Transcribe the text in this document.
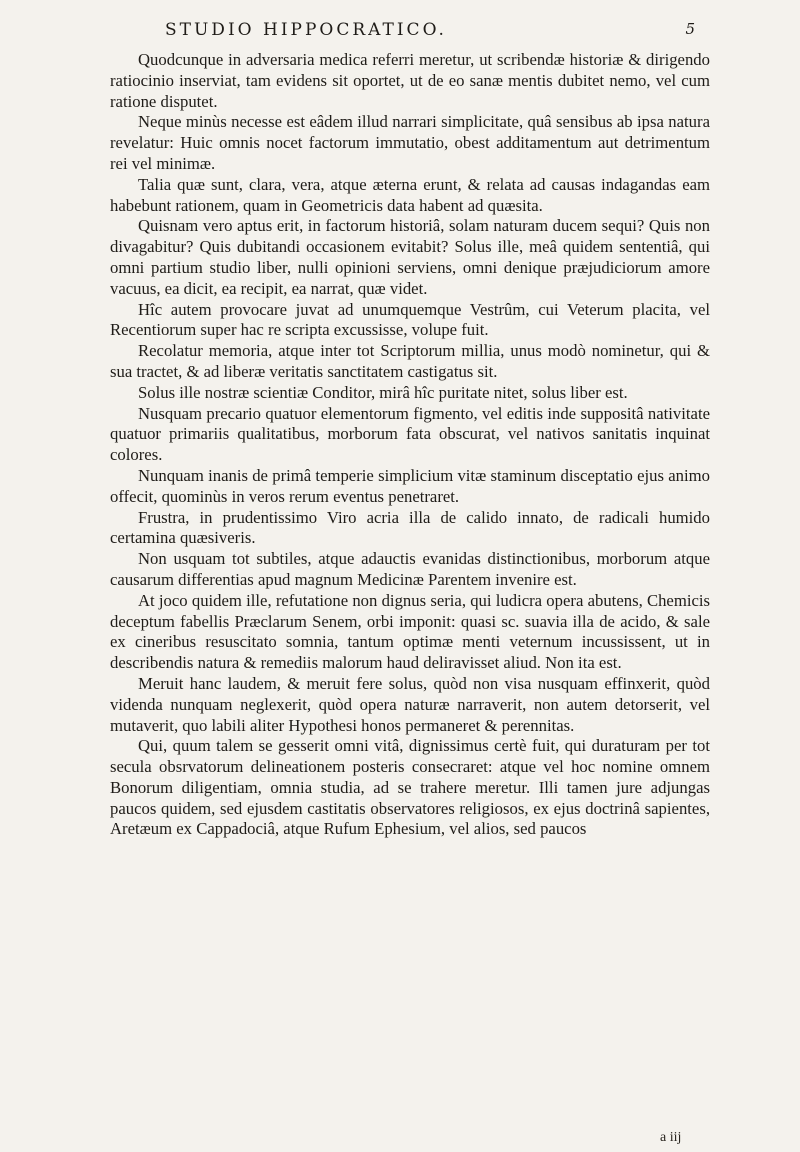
STUDIO HIPPOCRATICO.	5

Quodcunque in adversaria medica referri meretur, ut scribendæ historiæ & dirigendo ratiocinio inserviat, tam evidens sit oportet, ut de eo sanæ mentis dubitet nemo, vel cum ratione disputet.

Neque minùs necesse est eâdem illud narrari simplicitate, quâ sensibus ab ipsa natura revelatur: Huic omnis nocet factorum immutatio, obest additamentum aut detrimentum rei vel minimæ.

Talia quæ sunt, clara, vera, atque æterna erunt, & relata ad causas indagandas eam habebunt rationem, quam in Geometricis data habent ad quæsita.

Quisnam vero aptus erit, in factorum historiâ, solam naturam ducem sequi? Quis non divagabitur? Quis dubitandi occasionem evitabit? Solus ille, meâ quidem sententiâ, qui omni partium studio liber, nulli opinioni serviens, omni denique præjudiciorum amore vacuus, ea dicit, ea recipit, ea narrat, quæ videt.

Hîc autem provocare juvat ad unumquemque Vestrûm, cui Veterum placita, vel Recentiorum super hac re scripta excussisse, volupe fuit.

Recolatur memoria, atque inter tot Scriptorum millia, unus modò nominetur, qui & sua tractet, & ad liberæ veritatis sanctitatem castigatus sit.

Solus ille nostræ scientiæ Conditor, mirâ hîc puritate nitet, solus liber est.

Nusquam precario quatuor elementorum figmento, vel editis inde suppositâ nativitate quatuor primariis qualitatibus, morborum fata obscurat, vel nativos sanitatis inquinat colores.

Nunquam inanis de primâ temperie simplicium vitæ staminum disceptatio ejus animo offecit, quominùs in veros rerum eventus penetraret.

Frustra, in prudentissimo Viro acria illa de calido innato, de radicali humido certamina quæsiveris.

Non usquam tot subtiles, atque adauctis evanidas distinctionibus, morborum atque causarum differentias apud magnum Medicinæ Parentem invenire est.

At joco quidem ille, refutatione non dignus seria, qui ludicra opera abutens, Chemicis deceptum fabellis Præclarum Senem, orbi imponit: quasi sc. suavia illa de acido, & sale ex cineribus resuscitato somnia, tantum optimæ menti veternum incussissent, ut in describendis natura & remediis malorum haud deliravisset aliud. Non ita est.

Meruit hanc laudem, & meruit fere solus, quòd non visa nusquam effinxerit, quòd videnda nunquam neglexerit, quòd opera naturæ narraverit, non autem detorserit, vel mutaverit, quo labili aliter Hypothesi honos permaneret & perennitas.

Qui, quum talem se gesserit omni vitâ, dignissimus certè fuit, qui duraturam per tot secula obsrvatorum delineationem posteris consecraret: atque vel hoc nomine omnem Bonorum diligentiam, omnia studia, ad se trahere meretur. Illi tamen jure adjungas paucos quidem, sed ejusdem castitatis observatores religiosos, ex ejus doctrinâ sapientes, Aretæum ex Cappadociâ, atque Rufum Ephesium, vel alios, sed paucos

a iij
